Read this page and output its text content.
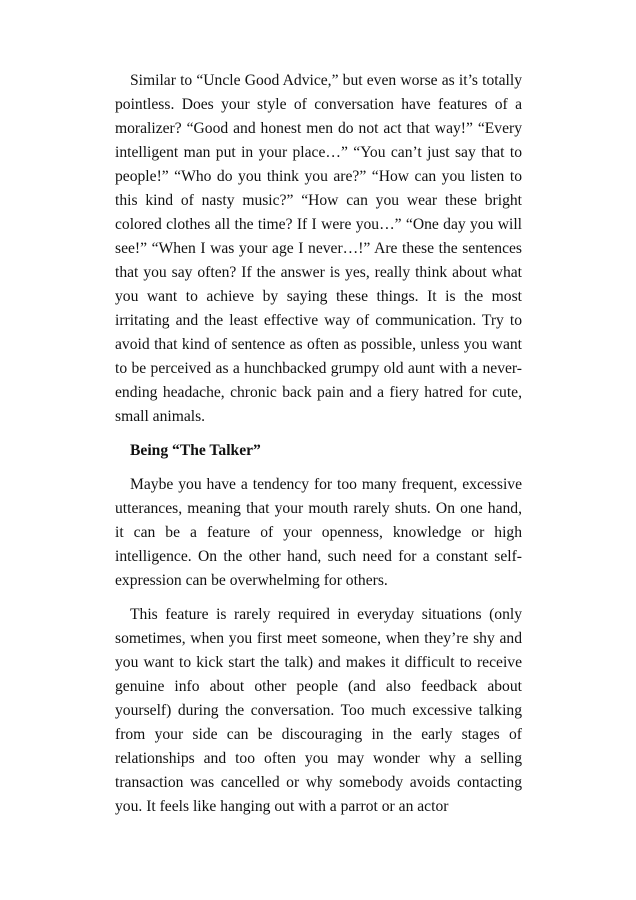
Similar to “Uncle Good Advice,” but even worse as it’s totally pointless. Does your style of conversation have features of a moralizer? “Good and honest men do not act that way!” “Every intelligent man put in your place…” “You can’t just say that to people!” “Who do you think you are?” “How can you listen to this kind of nasty music?” “How can you wear these bright colored clothes all the time? If I were you…” “One day you will see!” “When I was your age I never…!” Are these the sentences that you say often? If the answer is yes, really think about what you want to achieve by saying these things. It is the most irritating and the least effective way of communication. Try to avoid that kind of sentence as often as possible, unless you want to be perceived as a hunchbacked grumpy old aunt with a never-ending headache, chronic back pain and a fiery hatred for cute, small animals.

Being “The Talker”

Maybe you have a tendency for too many frequent, excessive utterances, meaning that your mouth rarely shuts. On one hand, it can be a feature of your openness, knowledge or high intelligence. On the other hand, such need for a constant self-expression can be overwhelming for others.

This feature is rarely required in everyday situations (only sometimes, when you first meet someone, when they’re shy and you want to kick start the talk) and makes it difficult to receive genuine info about other people (and also feedback about yourself) during the conversation. Too much excessive talking from your side can be discouraging in the early stages of relationships and too often you may wonder why a selling transaction was cancelled or why somebody avoids contacting you. It feels like hanging out with a parrot or an actor
